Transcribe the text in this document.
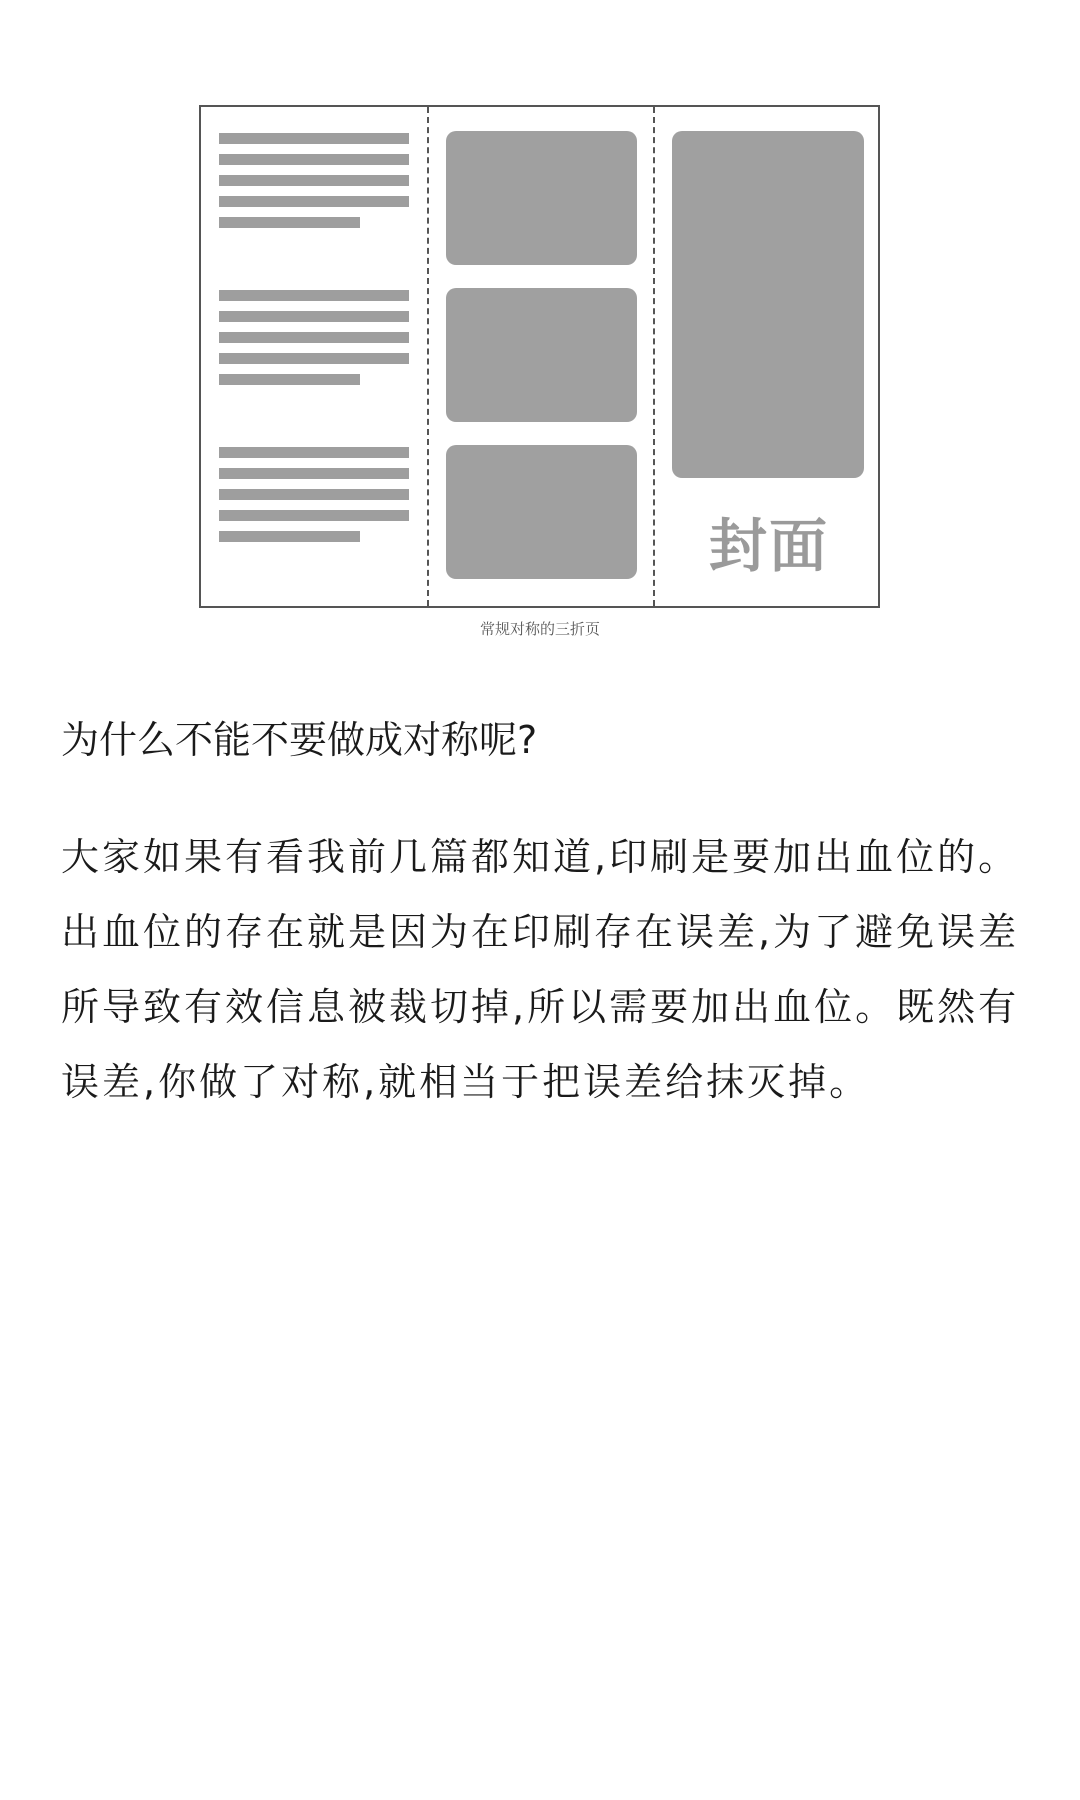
封面
常规对称的三折页
为什么不能不要做成对称呢?

大家如果有看我前几篇都知道,印刷是要加出血位的。出血位的存在就是因为在印刷存在误差,为了避免误差所导致有效信息被裁切掉,所以需要加出血位。既然有误差,你做了对称,就相当于把误差给抹灭掉。
